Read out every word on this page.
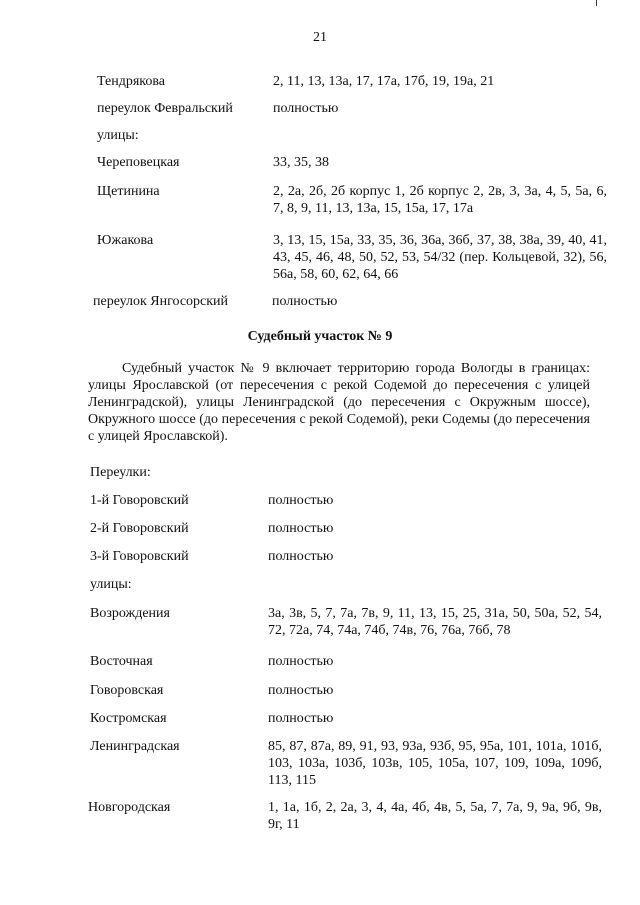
21
Тендрякова	2, 11, 13, 13а, 17, 17а, 17б, 19, 19а, 21
переулок Февральский	полностью
улицы:
Череповецкая	33, 35, 38
Щетинина	2, 2а, 2б, 2б корпус 1, 2б корпус 2, 2в, 3, 3а, 4, 5, 5а, 6, 7, 8, 9, 11, 13, 13а, 15, 15а, 17, 17а
Южакова	3, 13, 15, 15а, 33, 35, 36, 36а, 36б, 37, 38, 38а, 39, 40, 41, 43, 45, 46, 48, 50, 52, 53, 54/32 (пер. Кольцевой, 32), 56, 56а, 58, 60, 62, 64, 66
переулок Янгосорский	полностью
Судебный участок № 9
Судебный участок № 9 включает территорию города Вологды в границах: улицы Ярославской (от пересечения с рекой Содемой до пересечения с улицей Ленинградской), улицы Ленинградской (до пересечения с Окружным шоссе), Окружного шоссе (до пересечения с рекой Содемой), реки Содемы (до пересечения с улицей Ярославской).
Переулки:
1-й Говоровский	полностью
2-й Говоровский	полностью
3-й Говоровский	полностью
улицы:
Возрождения	3а, 3в, 5, 7, 7а, 7в, 9, 11, 13, 15, 25, 31а, 50, 50а, 52, 54, 72, 72а, 74, 74а, 74б, 74в, 76, 76а, 76б, 78
Восточная	полностью
Говоровская	полностью
Костромская	полностью
Ленинградская	85, 87, 87а, 89, 91, 93, 93а, 93б, 95, 95а, 101, 101а, 101б, 103, 103а, 103б, 103в, 105, 105а, 107, 109, 109а, 109б, 113, 115
Новгородская	1, 1а, 1б, 2, 2а, 3, 4, 4а, 4б, 4в, 5, 5а, 7, 7а, 9, 9а, 9б, 9в, 9г, 11
